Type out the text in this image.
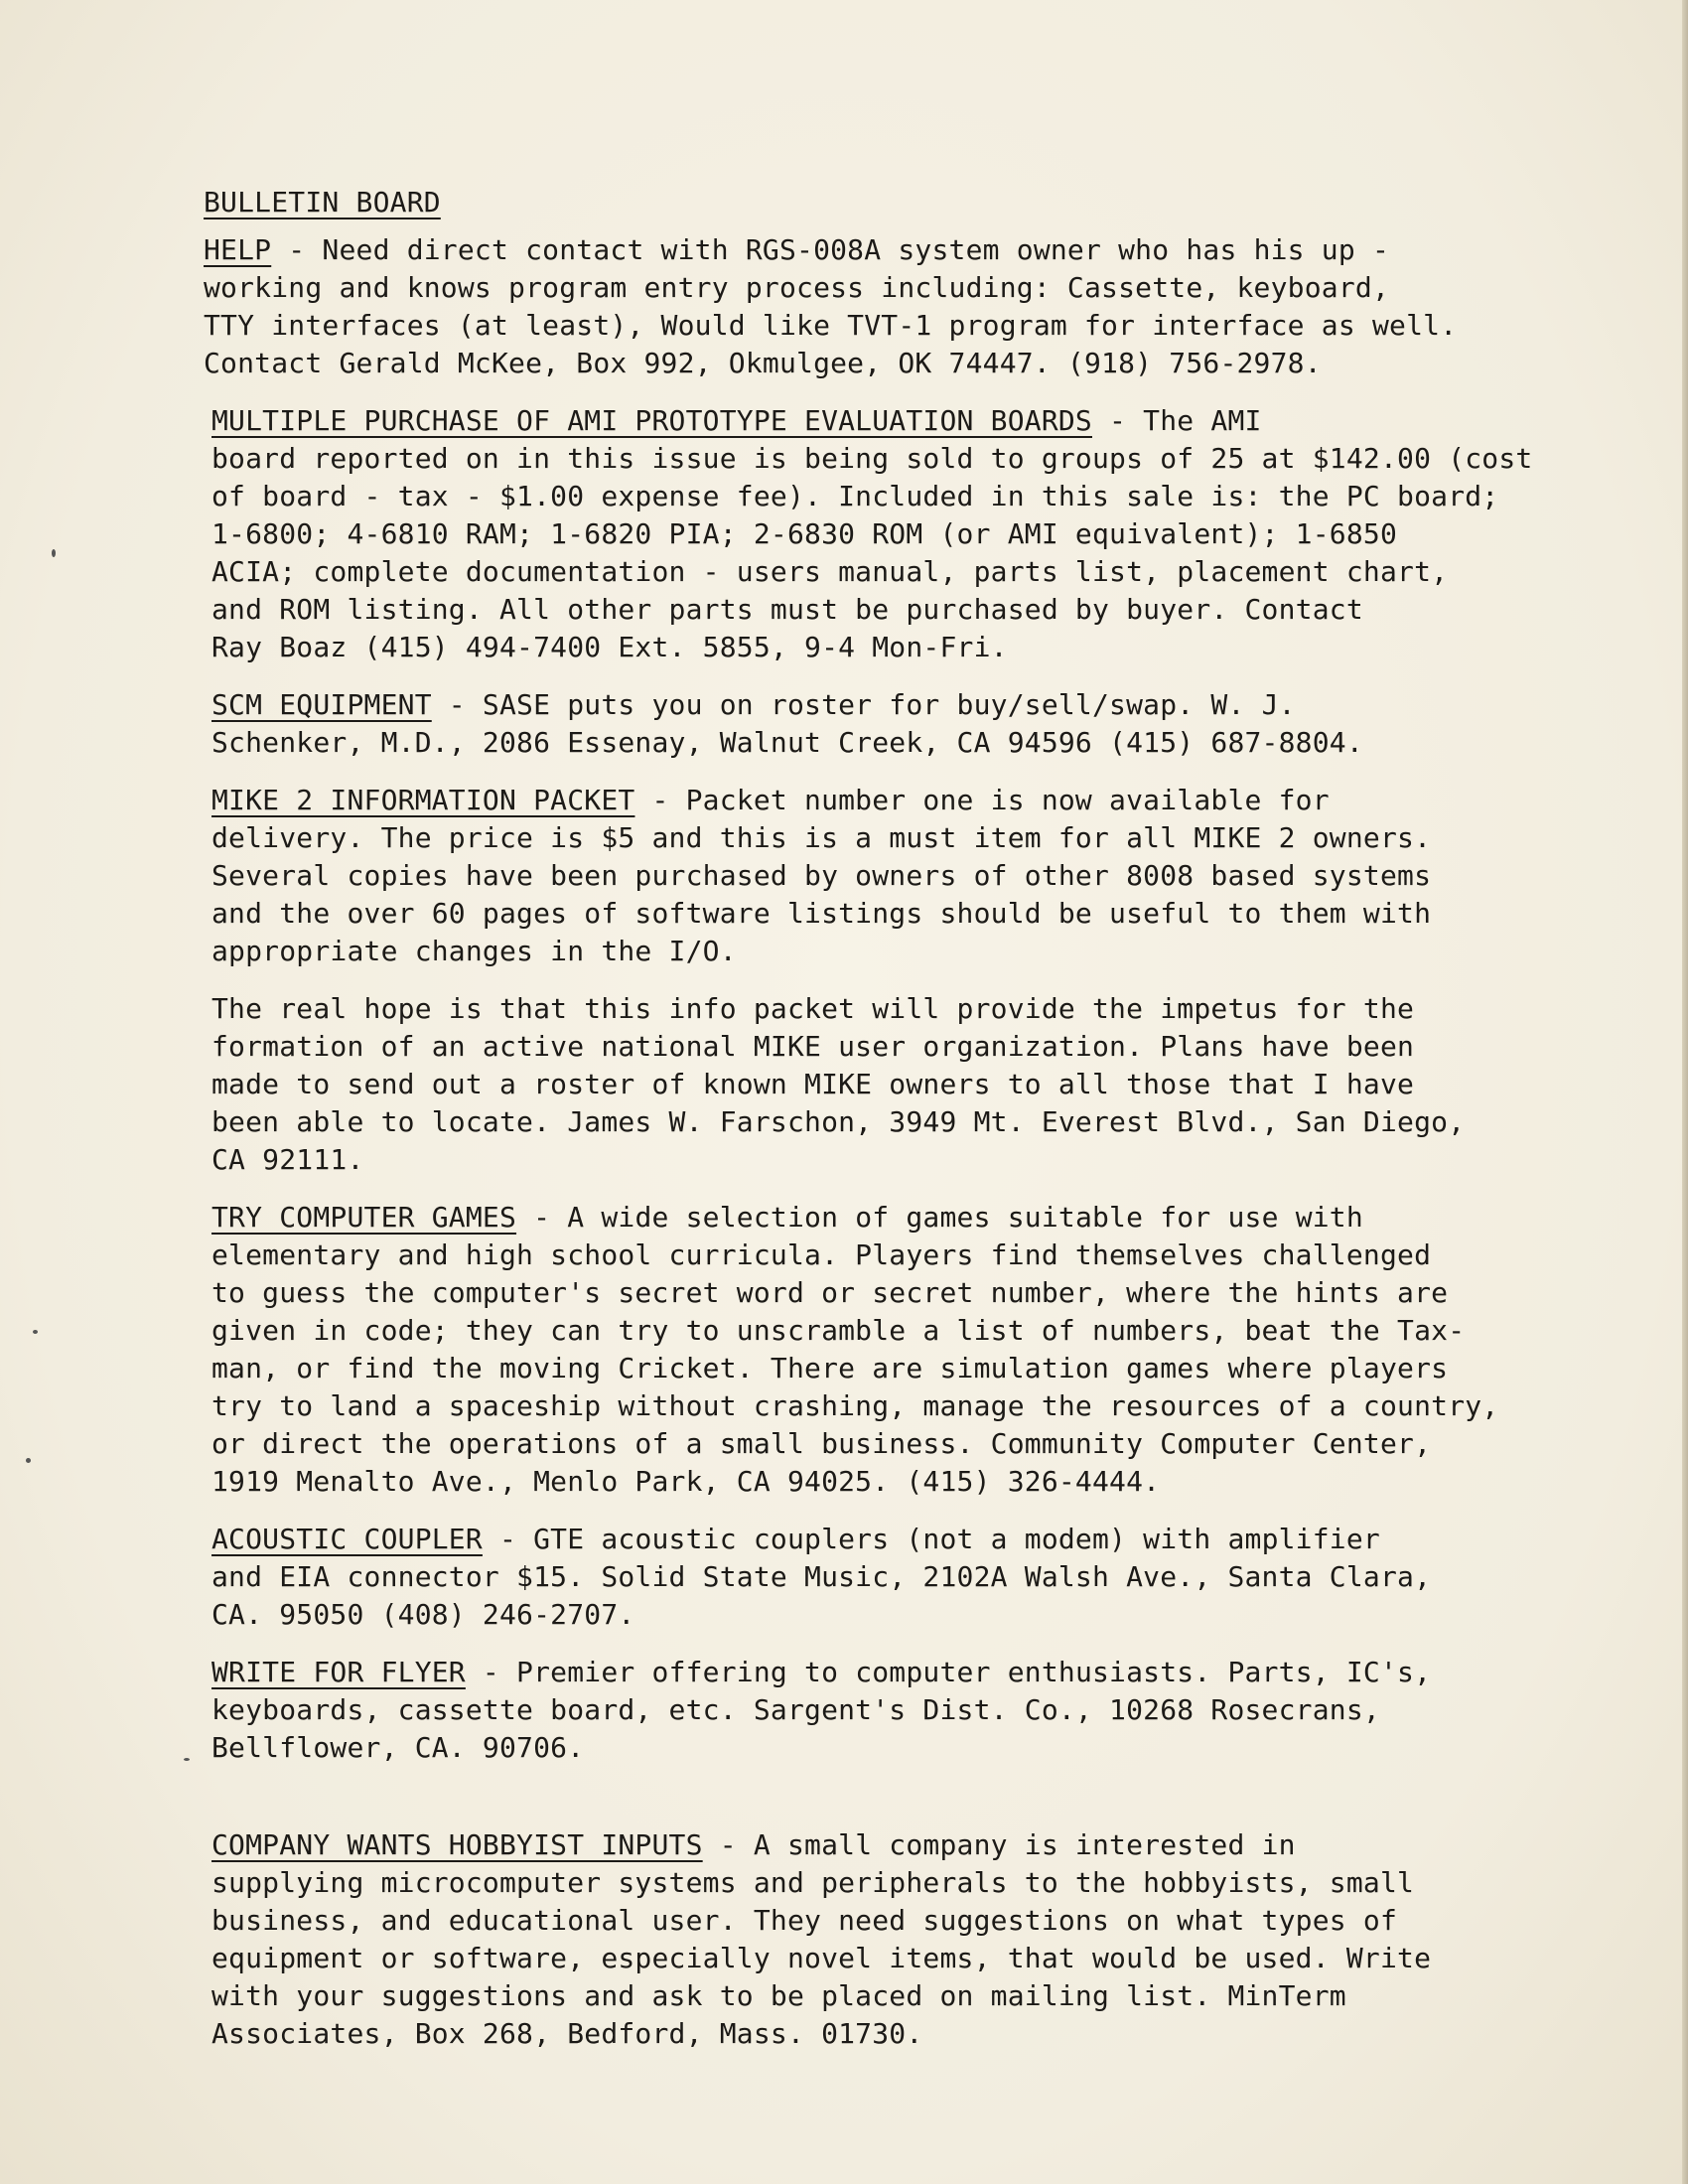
BULLETIN BOARD
HELP - Need direct contact with RGS-008A system owner who has his up -
working and knows program entry process including: Cassette, keyboard,
TTY interfaces (at least), Would like TVT-1 program for interface as well.
Contact Gerald McKee, Box 992, Okmulgee, OK 74447. (918) 756-2978.
MULTIPLE PURCHASE OF AMI PROTOTYPE EVALUATION BOARDS - The AMI
board reported on in this issue is being sold to groups of 25 at $142.00 (cost
of board - tax - $1.00 expense fee). Included in this sale is: the PC board;
1-6800; 4-6810 RAM; 1-6820 PIA; 2-6830 ROM (or AMI equivalent); 1-6850
ACIA; complete documentation - users manual, parts list, placement chart,
and ROM listing. All other parts must be purchased by buyer. Contact
Ray Boaz (415) 494-7400 Ext. 5855, 9-4 Mon-Fri.
SCM EQUIPMENT - SASE puts you on roster for buy/sell/swap. W. J.
Schenker, M.D., 2086 Essenay, Walnut Creek, CA 94596 (415) 687-8804.
MIKE 2 INFORMATION PACKET - Packet number one is now available for
delivery. The price is $5 and this is a must item for all MIKE 2 owners.
Several copies have been purchased by owners of other 8008 based systems
and the over 60 pages of software listings should be useful to them with
appropriate changes in the I/O.
The real hope is that this info packet will provide the impetus for the
formation of an active national MIKE user organization. Plans have been
made to send out a roster of known MIKE owners to all those that I have
been able to locate. James W. Farschon, 3949 Mt. Everest Blvd., San Diego,
CA 92111.
TRY COMPUTER GAMES - A wide selection of games suitable for use with
elementary and high school curricula. Players find themselves challenged
to guess the computer's secret word or secret number, where the hints are
given in code; they can try to unscramble a list of numbers, beat the Tax-
man, or find the moving Cricket. There are simulation games where players
try to land a spaceship without crashing, manage the resources of a country,
or direct the operations of a small business. Community Computer Center,
1919 Menalto Ave., Menlo Park, CA 94025. (415) 326-4444.
ACOUSTIC COUPLER - GTE acoustic couplers (not a modem) with amplifier
and EIA connector $15. Solid State Music, 2102A Walsh Ave., Santa Clara,
CA. 95050 (408) 246-2707.
WRITE FOR FLYER - Premier offering to computer enthusiasts. Parts, IC's,
keyboards, cassette board, etc. Sargent's Dist. Co., 10268 Rosecrans,
Bellflower, CA. 90706.
COMPANY WANTS HOBBYIST INPUTS - A small company is interested in
supplying microcomputer systems and peripherals to the hobbyists, small
business, and educational user. They need suggestions on what types of
equipment or software, especially novel items, that would be used. Write
with your suggestions and ask to be placed on mailing list. MinTerm
Associates, Box 268, Bedford, Mass. 01730.
